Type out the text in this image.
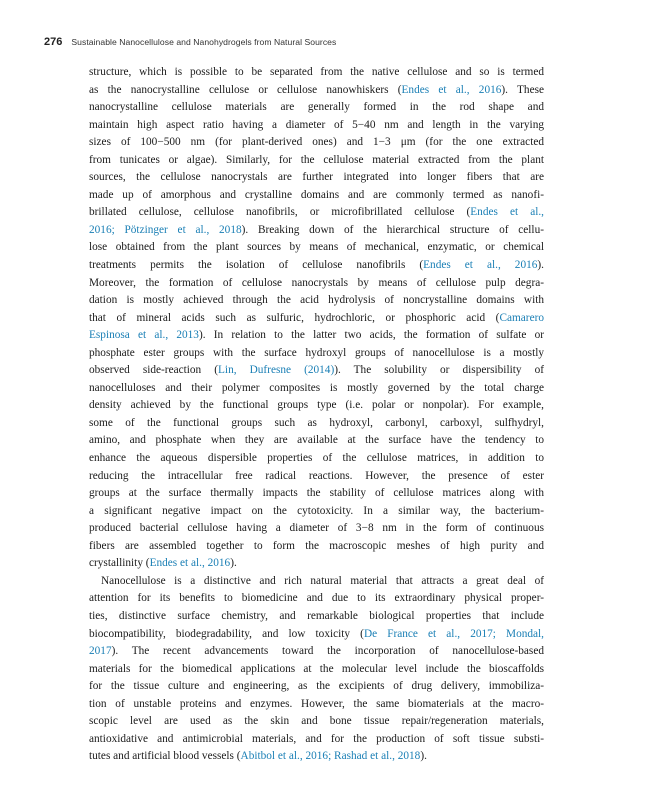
276 Sustainable Nanocellulose and Nanohydrogels from Natural Sources
structure, which is possible to be separated from the native cellulose and so is termed
as the nanocrystalline cellulose or cellulose nanowhiskers (Endes et al., 2016). These
nanocrystalline cellulose materials are generally formed in the rod shape and
maintain high aspect ratio having a diameter of 5−40 nm and length in the varying
sizes of 100−500 nm (for plant-derived ones) and 1−3 μm (for the one extracted
from tunicates or algae). Similarly, for the cellulose material extracted from the plant
sources, the cellulose nanocrystals are further integrated into longer fibers that are
made up of amorphous and crystalline domains and are commonly termed as nanofi-
brillated cellulose, cellulose nanofibrils, or microfibrillated cellulose (Endes et al.,
2016; Pötzinger et al., 2018). Breaking down of the hierarchical structure of cellu-
lose obtained from the plant sources by means of mechanical, enzymatic, or chemical
treatments permits the isolation of cellulose nanofibrils (Endes et al., 2016).
Moreover, the formation of cellulose nanocrystals by means of cellulose pulp degra-
dation is mostly achieved through the acid hydrolysis of noncrystalline domains with
that of mineral acids such as sulfuric, hydrochloric, or phosphoric acid (Camarero
Espinosa et al., 2013). In relation to the latter two acids, the formation of sulfate or
phosphate ester groups with the surface hydroxyl groups of nanocellulose is a mostly
observed side-reaction (Lin, Dufresne (2014)). The solubility or dispersibility of
nanocelluloses and their polymer composites is mostly governed by the total charge
density achieved by the functional groups type (i.e. polar or nonpolar). For example,
some of the functional groups such as hydroxyl, carbonyl, carboxyl, sulfhydryl,
amino, and phosphate when they are available at the surface have the tendency to
enhance the aqueous dispersible properties of the cellulose matrices, in addition to
reducing the intracellular free radical reactions. However, the presence of ester
groups at the surface thermally impacts the stability of cellulose matrices along with
a significant negative impact on the cytotoxicity. In a similar way, the bacterium-
produced bacterial cellulose having a diameter of 3−8 nm in the form of continuous
fibers are assembled together to form the macroscopic meshes of high purity and
crystallinity (Endes et al., 2016).
Nanocellulose is a distinctive and rich natural material that attracts a great deal of
attention for its benefits to biomedicine and due to its extraordinary physical proper-
ties, distinctive surface chemistry, and remarkable biological properties that include
biocompatibility, biodegradability, and low toxicity (De France et al., 2017; Mondal,
2017). The recent advancements toward the incorporation of nanocellulose-based
materials for the biomedical applications at the molecular level include the bioscaffolds
for the tissue culture and engineering, as the excipients of drug delivery, immobiliza-
tion of unstable proteins and enzymes. However, the same biomaterials at the macro-
scopic level are used as the skin and bone tissue repair/regeneration materials,
antioxidative and antimicrobial materials, and for the production of soft tissue substi-
tutes and artificial blood vessels (Abitbol et al., 2016; Rashad et al., 2018).
